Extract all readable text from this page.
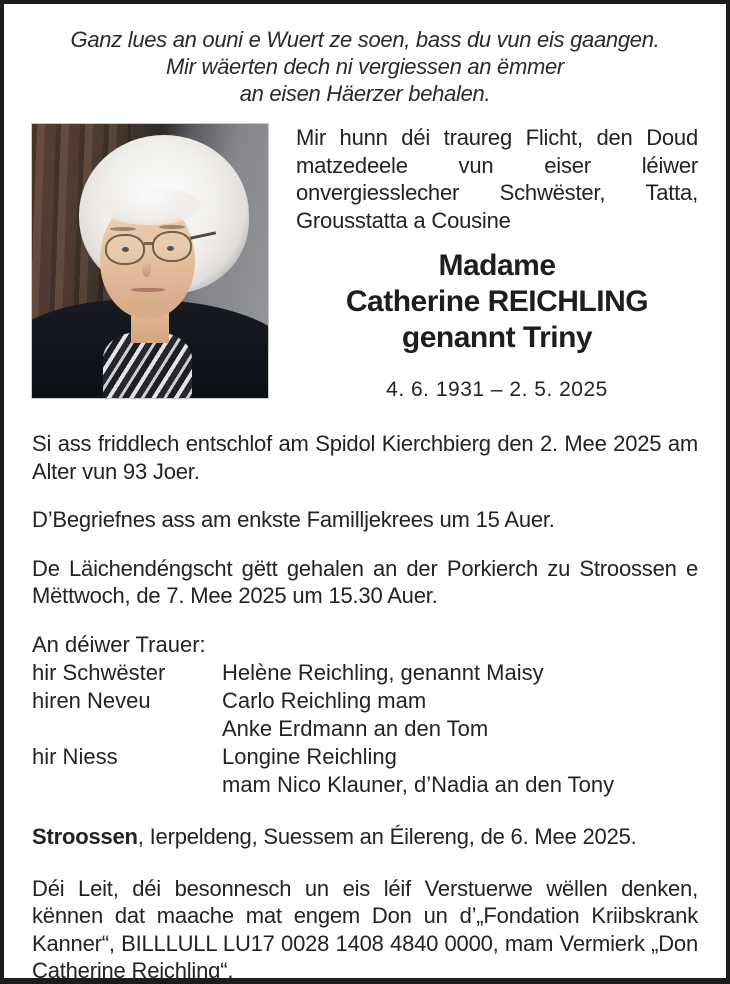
Ganz lues an ouni e Wuert ze soen, bass du vun eis gaangen.
Mir wäerten dech ni vergiessen an ëmmer
an eisen Häerzer behalen.

Mir hunn déi traureg Flicht, den Doud matzedeele vun eiser léiwer onvergiesslecher Schwëster, Tatta, Grousstatta a Cousine

Madame
Catherine REICHLING
genannt Triny
4. 6. 1931 – 2. 5. 2025

Si ass friddlech entschlof am Spidol Kierchbierg den 2. Mee 2025 am Alter vun 93 Joer.

D’Begriefnes ass am enkste Familljekrees um 15 Auer.

De Läichendéngscht gëtt gehalen an der Porkierch zu Stroossen e Mëttwoch, de 7. Mee 2025 um 15.30 Auer.

An déiwer Trauer:
hir Schwëster	Helène Reichling, genannt Maisy
hiren Neveu	Carlo Reichling mam
Anke Erdmann an den Tom
hir Niess	Longine Reichling
mam Nico Klauner, d’Nadia an den Tony

Stroossen, Ierpeldeng, Suessem an Éilereng, de 6. Mee 2025.

Déi Leit, déi besonnesch un eis léif Verstuerwe wëllen denken, kënnen dat maache mat engem Don un d’„Fondation Kriibskrank Kanner“, BILLLULL LU17 0028 1408 4840 0000, mam Vermierk „Don Catherine Reichling“.
